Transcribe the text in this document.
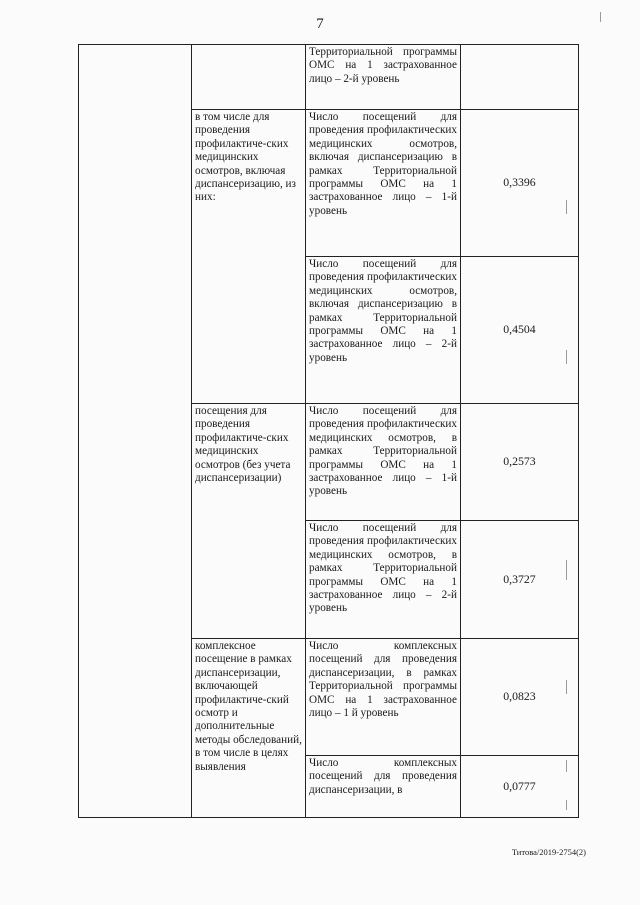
7
		Территориальной программы ОМС на 1 застрахованное лицо – 2-й уровень	
	в том числе для проведения профилактиче-ских медицинских осмотров, включая диспансеризацию, из них:	Число посещений для проведения профилактических медицинских осмотров, включая диспансеризацию в рамках Территориальной программы ОМС на 1 застрахованное лицо – 1-й уровень	0,3396
		Число посещений для проведения профилактических медицинских осмотров, включая диспансеризацию в рамках Территориальной программы ОМС на 1 застрахованное лицо – 2-й уровень	0,4504
	посещения для проведения профилактиче-ских медицинских осмотров (без учета диспансеризации)	Число посещений для проведения профилактических медицинских осмотров, в рамках Территориальной программы ОМС на 1 застрахованное лицо – 1-й уровень	0,2573
		Число посещений для проведения профилактических медицинских осмотров, в рамках Территориальной программы ОМС на 1 застрахованное лицо – 2-й уровень	0,3727
	комплексное посещение в рамках диспансеризации, включающей профилактиче-ский осмотр и дополнительные методы обследований, в том числе в целях выявления	Число комплексных посещений для проведения диспансеризации, в рамках Территориальной программы ОМС на 1 застрахованное лицо – 1 й уровень	0,0823
		Число комплексных посещений для проведения диспансеризации, в	0,0777
Титова/2019-2754(2)
